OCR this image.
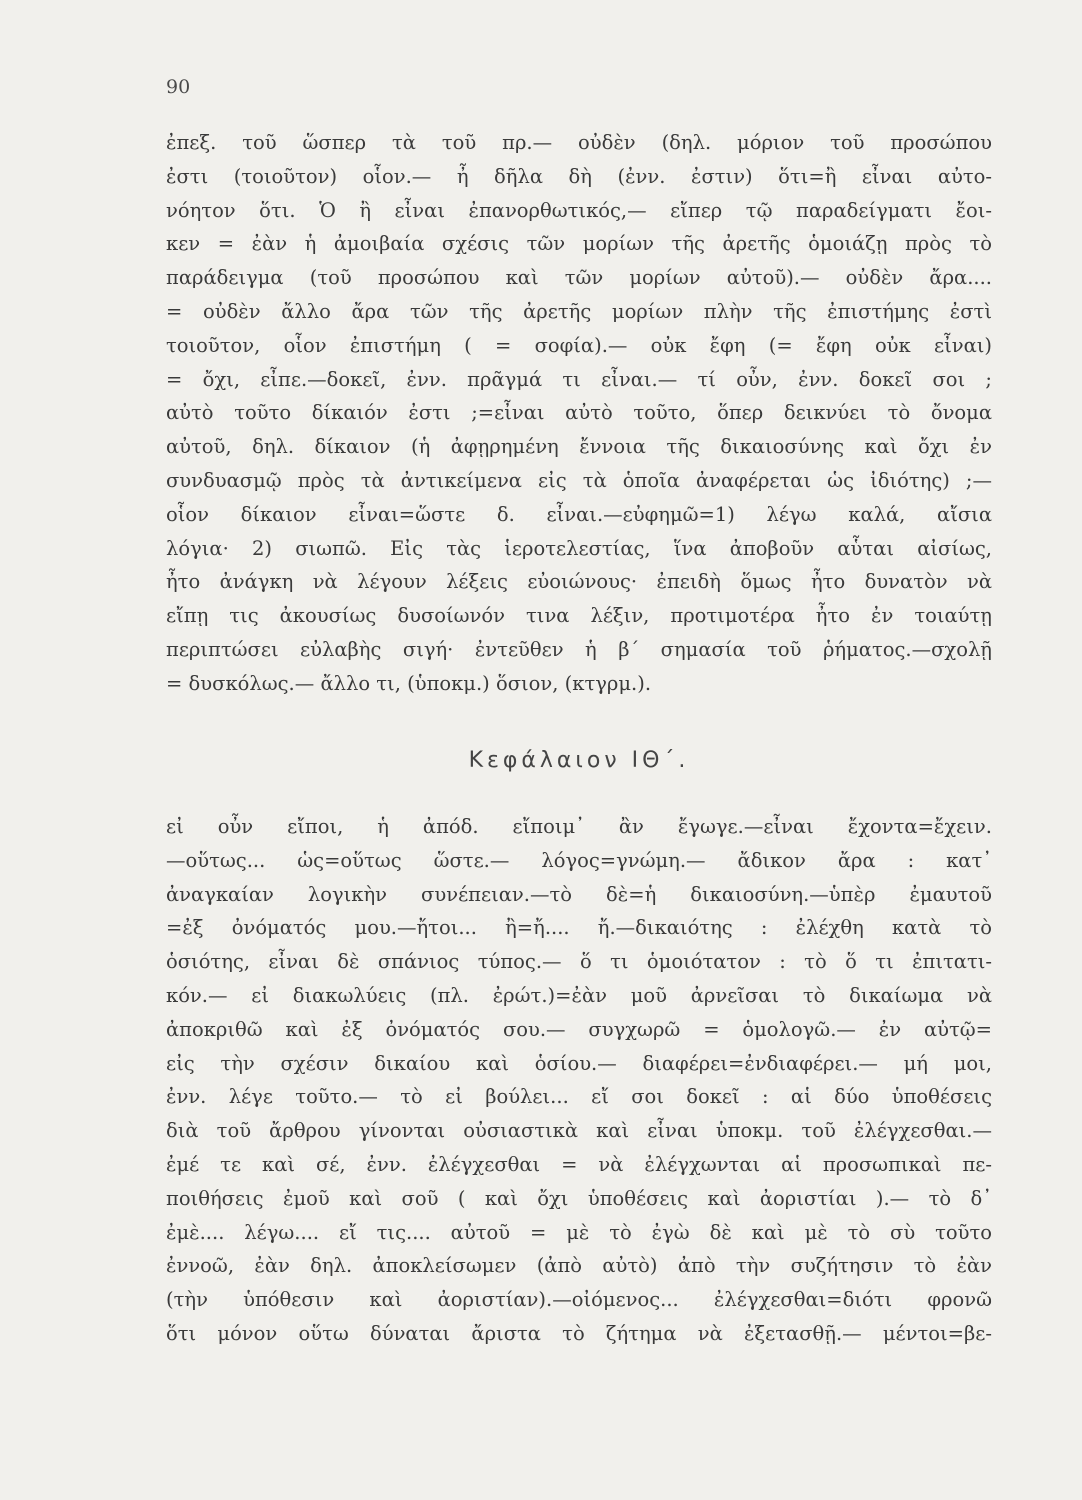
90
ἐπεξ. τοῦ ὥσπερ τὰ τοῦ πρ.— οὐδὲν (δηλ. μόριον τοῦ προσώπου
ἐστι (τοιοῦτον) οἷον.— ἦ δῆλα δὴ (ἐνν. ἐστιν) ὅτι=ἢ εἶναι αὐτο-
νόητον ὅτι. Ὁ ἢ εἶναι ἐπανορθωτικός,— εἴπερ τῷ παραδείγματι ἔοι-
κεν = ἐὰν ἡ ἀμοιβαία σχέσις τῶν μορίων τῆς ἀρετῆς ὁμοιάζῃ πρὸς τὸ
παράδειγμα (τοῦ προσώπου καὶ τῶν μορίων αὐτοῦ).— οὐδὲν ἄρα....
= οὐδὲν ἄλλο ἄρα τῶν τῆς ἀρετῆς μορίων πλὴν τῆς ἐπιστήμης ἐστὶ
τοιοῦτον, οἷον ἐπιστήμη ( = σοφία).— οὐκ ἔφη (= ἔφη οὐκ εἶναι)
= ὄχι, εἶπε.—δοκεῖ, ἐνν. πρᾶγμά τι εἶναι.— τί οὖν, ἐνν. δοκεῖ σοι ;
αὐτὸ τοῦτο δίκαιόν ἐστι ;=εἶναι αὐτὸ τοῦτο, ὅπερ δεικνύει τὸ ὄνομα
αὐτοῦ, δηλ. δίκαιον (ἡ ἀφῃρημένη ἔννοια τῆς δικαιοσύνης καὶ ὄχι ἐν
συνδυασμῷ πρὸς τὰ ἀντικείμενα εἰς τὰ ὁποῖα ἀναφέρεται ὡς ἰδιότης) ;—
οἷον δίκαιον εἶναι=ὥστε δ. εἶναι.—εὐφημῶ=1) λέγω καλά, αἴσια
λόγια· 2) σιωπῶ. Εἰς τὰς ἱεροτελεστίας, ἵνα ἀποβοῦν αὗται αἰσίως,
ἦτο ἀνάγκη νὰ λέγουν λέξεις εὐοιώνους· ἐπειδὴ ὅμως ἦτο δυνατὸν νὰ
εἴπῃ τις ἀκουσίως δυσοίωνόν τινα λέξιν, προτιμοτέρα ἦτο ἐν τοιαύτῃ
περιπτώσει εὐλαβὴς σιγή· ἐντεῦθεν ἡ β΄ σημασία τοῦ ῥήματος.—σχολῇ
= δυσκόλως.— ἄλλο τι, (ὑποκμ.) ὅσιον, (κτγρμ.).
Κεφάλαιον ΙΘ΄.
εἰ οὖν εἴποι, ἡ ἀπόδ. εἴποιμ᾽ ἂν ἔγωγε.—εἶναι ἔχοντα=ἔχειν.
—οὕτως... ὡς=οὕτως ὥστε.— λόγος=γνώμη.— ἄδικον ἄρα : κατ᾽
ἀναγκαίαν λογικὴν συνέπειαν.—τὸ δὲ=ἡ δικαιοσύνη.—ὑπὲρ ἐμαυτοῦ
=ἐξ ὀνόματός μου.—ἤτοι... ἢ=ἤ.... ἤ.—δικαιότης : ἐλέχθη κατὰ τὸ
ὁσιότης, εἶναι δὲ σπάνιος τύπος.— ὅ τι ὁμοιότατον : τὸ ὅ τι ἐπιτατι-
κόν.— εἰ διακωλύεις (πλ. ἐρώτ.)=ἐὰν μοῦ ἀρνεῖσαι τὸ δικαίωμα νὰ
ἀποκριθῶ καὶ ἐξ ὀνόματός σου.— συγχωρῶ = ὁμολογῶ.— ἐν αὐτῷ=
εἰς τὴν σχέσιν δικαίου καὶ ὁσίου.— διαφέρει=ἐνδιαφέρει.— μή μοι,
ἐνν. λέγε τοῦτο.— τὸ εἰ βούλει... εἴ σοι δοκεῖ : αἱ δύο ὑποθέσεις
διὰ τοῦ ἄρθρου γίνονται οὐσιαστικὰ καὶ εἶναι ὑποκμ. τοῦ ἐλέγχεσθαι.—
ἐμέ τε καὶ σέ, ἐνν. ἐλέγχεσθαι = νὰ ἐλέγχωνται αἱ προσωπικαὶ πε-
ποιθήσεις ἐμοῦ καὶ σοῦ ( καὶ ὄχι ὑποθέσεις καὶ ἀοριστίαι ).— τὸ δ᾽
ἐμὲ.... λέγω.... εἴ τις.... αὐτοῦ = μὲ τὸ ἐγὼ δὲ καὶ μὲ τὸ σὺ τοῦτο
ἐννοῶ, ἐὰν δηλ. ἀποκλείσωμεν (ἀπὸ αὐτὸ) ἀπὸ τὴν συζήτησιν τὸ ἐὰν
(τὴν ὑπόθεσιν καὶ ἀοριστίαν).—οἰόμενος... ἐλέγχεσθαι=διότι φρονῶ
ὅτι μόνον οὕτω δύναται ἄριστα τὸ ζήτημα νὰ ἐξετασθῇ.— μέντοι=βε-
